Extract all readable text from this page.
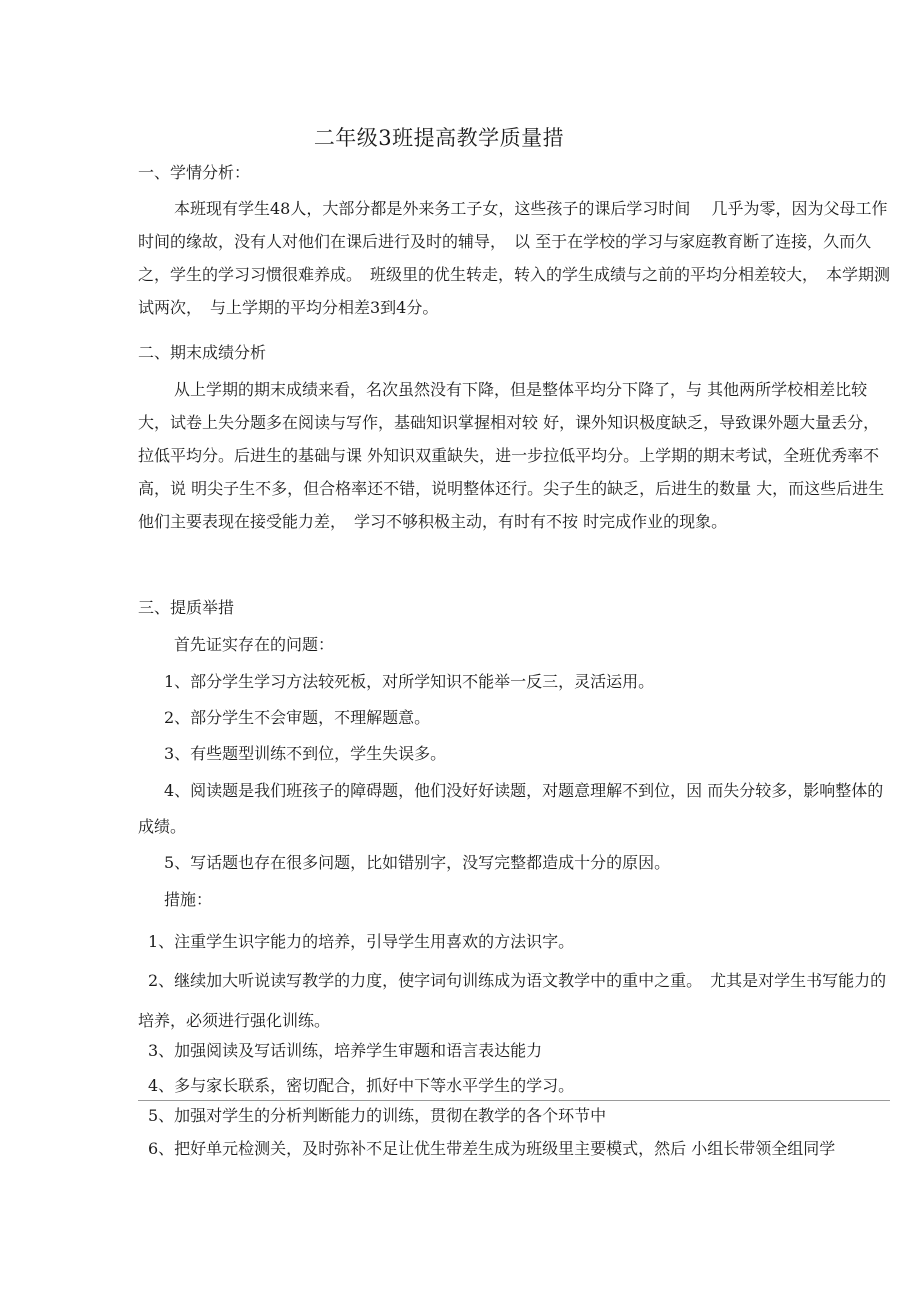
二年级3班提高教学质量措
一、学情分析：
本班现有学生48人，大部分都是外来务工子女，这些孩子的课后学习时间　 几乎为零，因为父母工作时间的缘故，没有人对他们在课后进行及时的辅导，　以 至于在学校的学习与家庭教育断了连接，久而久之，学生的学习习惯很难养成。　班级里的优生转走，转入的学生成绩与之前的平均分相差较大，　本学期测试两次，　与上学期的平均分相差3到4分。
二、期末成绩分析
从上学期的期末成绩来看，名次虽然没有下降，但是整体平均分下降了，与 其他两所学校相差比较大，试卷上失分题多在阅读与写作，基础知识掌握相对较 好，课外知识极度缺乏，导致课外题大量丢分，拉低平均分。后进生的基础与课 外知识双重缺失，进一步拉低平均分。上学期的期末考试，全班优秀率不高，说 明尖子生不多，但合格率还不错，说明整体还行。尖子生的缺乏，后进生的数量 大，而这些后进生他们主要表现在接受能力差，　学习不够积极主动，有时有不按 时完成作业的现象。
三、提质举措
首先证实存在的问题：
1、部分学生学习方法较死板，对所学知识不能举一反三，灵活运用。
2、部分学生不会审题，不理解题意。
3、有些题型训练不到位，学生失误多。
4、阅读题是我们班孩子的障碍题，他们没好好读题，对题意理解不到位，因 而失分较多，影响整体的成绩。
5、写话题也存在很多问题，比如错别字，没写完整都造成十分的原因。
措施：
1、注重学生识字能力的培养，引导学生用喜欢的方法识字。
2、继续加大听说读写教学的力度，使字词句训练成为语文教学中的重中之重。　尤其是对学生书写能力的培养，必须进行强化训练。
3、加强阅读及写话训练，培养学生审题和语言表达能力
4、多与家长联系，密切配合，抓好中下等水平学生的学习。
5、加强对学生的分析判断能力的训练，贯彻在教学的各个环节中
6、把好单元检测关，及时弥补不足让优生带差生成为班级里主要模式，然后 小组长带领全组同学
